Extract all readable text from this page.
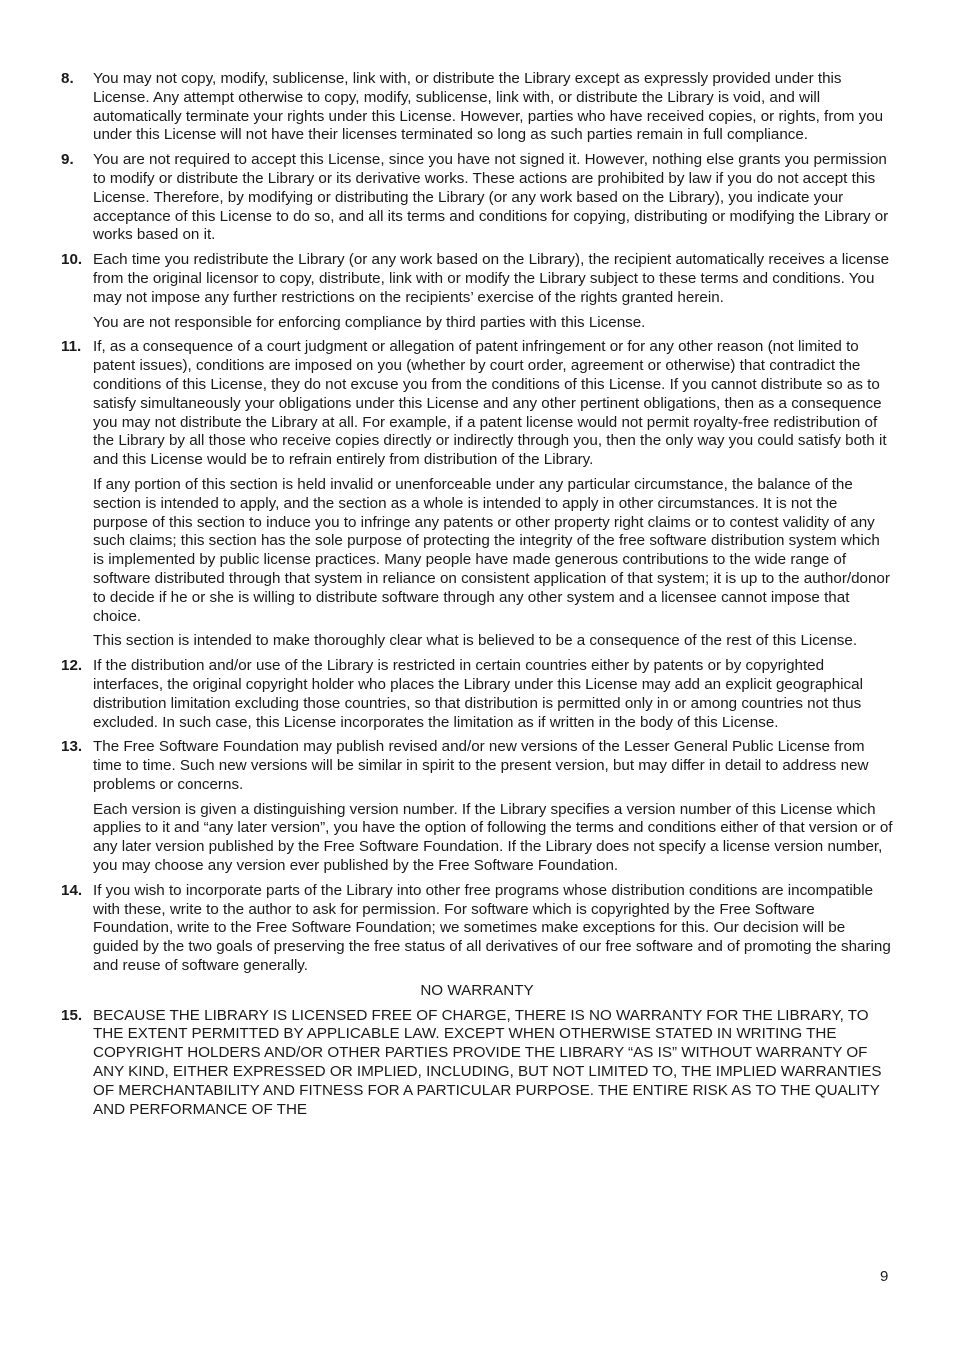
8. You may not copy, modify, sublicense, link with, or distribute the Library except as expressly provided under this License. Any attempt otherwise to copy, modify, sublicense, link with, or distribute the Library is void, and will automatically terminate your rights under this License. However, parties who have received copies, or rights, from you under this License will not have their licenses terminated so long as such parties remain in full compliance.

9. You are not required to accept this License, since you have not signed it. However, nothing else grants you permission to modify or distribute the Library or its derivative works. These actions are prohibited by law if you do not accept this License. Therefore, by modifying or distributing the Library (or any work based on the Library), you indicate your acceptance of this License to do so, and all its terms and conditions for copying, distributing or modifying the Library or works based on it.

10. Each time you redistribute the Library (or any work based on the Library), the recipient automatically receives a license from the original licensor to copy, distribute, link with or modify the Library subject to these terms and conditions. You may not impose any further restrictions on the recipients’ exercise of the rights granted herein.

You are not responsible for enforcing compliance by third parties with this License.

11. If, as a consequence of a court judgment or allegation of patent infringement or for any other reason (not limited to patent issues), conditions are imposed on you (whether by court order, agreement or otherwise) that contradict the conditions of this License, they do not excuse you from the conditions of this License. If you cannot distribute so as to satisfy simultaneously your obligations under this License and any other pertinent obligations, then as a consequence you may not distribute the Library at all. For example, if a patent license would not permit royalty-free redistribution of the Library by all those who receive copies directly or indirectly through you, then the only way you could satisfy both it and this License would be to refrain entirely from distribution of the Library.

If any portion of this section is held invalid or unenforceable under any particular circumstance, the balance of the section is intended to apply, and the section as a whole is intended to apply in other circumstances. It is not the purpose of this section to induce you to infringe any patents or other property right claims or to contest validity of any such claims; this section has the sole purpose of protecting the integrity of the free software distribution system which is implemented by public license practices. Many people have made generous contributions to the wide range of software distributed through that system in reliance on consistent application of that system; it is up to the author/donor to decide if he or she is willing to distribute software through any other system and a licensee cannot impose that choice.

This section is intended to make thoroughly clear what is believed to be a consequence of the rest of this License.

12. If the distribution and/or use of the Library is restricted in certain countries either by patents or by copyrighted interfaces, the original copyright holder who places the Library under this License may add an explicit geographical distribution limitation excluding those countries, so that distribution is permitted only in or among countries not thus excluded. In such case, this License incorporates the limitation as if written in the body of this License.

13. The Free Software Foundation may publish revised and/or new versions of the Lesser General Public License from time to time. Such new versions will be similar in spirit to the present version, but may differ in detail to address new problems or concerns.

Each version is given a distinguishing version number. If the Library specifies a version number of this License which applies to it and “any later version”, you have the option of following the terms and conditions either of that version or of any later version published by the Free Software Foundation. If the Library does not specify a license version number, you may choose any version ever published by the Free Software Foundation.

14. If you wish to incorporate parts of the Library into other free programs whose distribution conditions are incompatible with these, write to the author to ask for permission. For software which is copyrighted by the Free Software Foundation, write to the Free Software Foundation; we sometimes make exceptions for this. Our decision will be guided by the two goals of preserving the free status of all derivatives of our free software and of promoting the sharing and reuse of software generally.

NO WARRANTY
15. BECAUSE THE LIBRARY IS LICENSED FREE OF CHARGE, THERE IS NO WARRANTY FOR THE LIBRARY, TO THE EXTENT PERMITTED BY APPLICABLE LAW. EXCEPT WHEN OTHERWISE STATED IN WRITING THE COPYRIGHT HOLDERS AND/OR OTHER PARTIES PROVIDE THE LIBRARY “AS IS” WITHOUT WARRANTY OF ANY KIND, EITHER EXPRESSED OR IMPLIED, INCLUDING, BUT NOT LIMITED TO, THE IMPLIED WARRANTIES OF MERCHANTABILITY AND FITNESS FOR A PARTICULAR PURPOSE. THE ENTIRE RISK AS TO THE QUALITY AND PERFORMANCE OF THE

9
